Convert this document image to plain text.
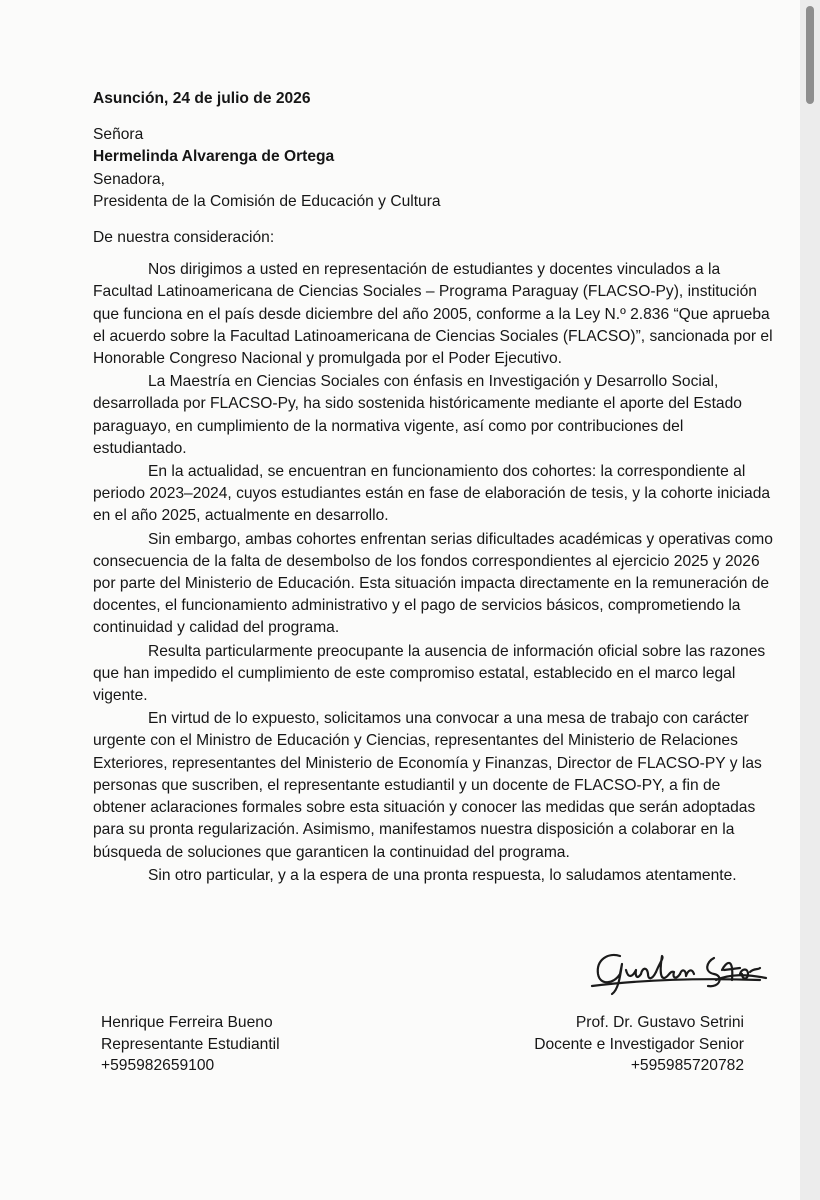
Asunción, 24 de julio de 2026
Señora
Hermelinda Alvarenga de Ortega
Senadora,
Presidenta de la Comisión de Educación y Cultura
De nuestra consideración:

Nos dirigimos a usted en representación de estudiantes y docentes vinculados a la Facultad Latinoamericana de Ciencias Sociales – Programa Paraguay (FLACSO-Py), institución que funciona en el país desde diciembre del año 2005, conforme a la Ley N.º 2.836 “Que aprueba el acuerdo sobre la Facultad Latinoamericana de Ciencias Sociales (FLACSO)”, sancionada por el Honorable Congreso Nacional y promulgada por el Poder Ejecutivo.

La Maestría en Ciencias Sociales con énfasis en Investigación y Desarrollo Social, desarrollada por FLACSO-Py, ha sido sostenida históricamente mediante el aporte del Estado paraguayo, en cumplimiento de la normativa vigente, así como por contribuciones del estudiantado.

En la actualidad, se encuentran en funcionamiento dos cohortes: la correspondiente al periodo 2023–2024, cuyos estudiantes están en fase de elaboración de tesis, y la cohorte iniciada en el año 2025, actualmente en desarrollo.

Sin embargo, ambas cohortes enfrentan serias dificultades académicas y operativas como consecuencia de la falta de desembolso de los fondos correspondientes al ejercicio 2025 y 2026 por parte del Ministerio de Educación. Esta situación impacta directamente en la remuneración de docentes, el funcionamiento administrativo y el pago de servicios básicos, comprometiendo la continuidad y calidad del programa.

Resulta particularmente preocupante la ausencia de información oficial sobre las razones que han impedido el cumplimiento de este compromiso estatal, establecido en el marco legal vigente.

En virtud de lo expuesto, solicitamos una convocar a una mesa de trabajo con carácter urgente con el Ministro de Educación y Ciencias, representantes del Ministerio de Relaciones Exteriores, representantes del Ministerio de Economía y Finanzas, Director de FLACSO-PY y las personas que suscriben, el representante estudiantil y un docente de FLACSO-PY, a fin de obtener aclaraciones formales sobre esta situación y conocer las medidas que serán adoptadas para su pronta regularización. Asimismo, manifestamos nuestra disposición a colaborar en la búsqueda de soluciones que garanticen la continuidad del programa.

Sin otro particular, y a la espera de una pronta respuesta, lo saludamos atentamente.

Henrique Ferreira Bueno
Representante Estudiantil
+595982659100
Prof. Dr. Gustavo Setrini
Docente e Investigador Senior
+595985720782
